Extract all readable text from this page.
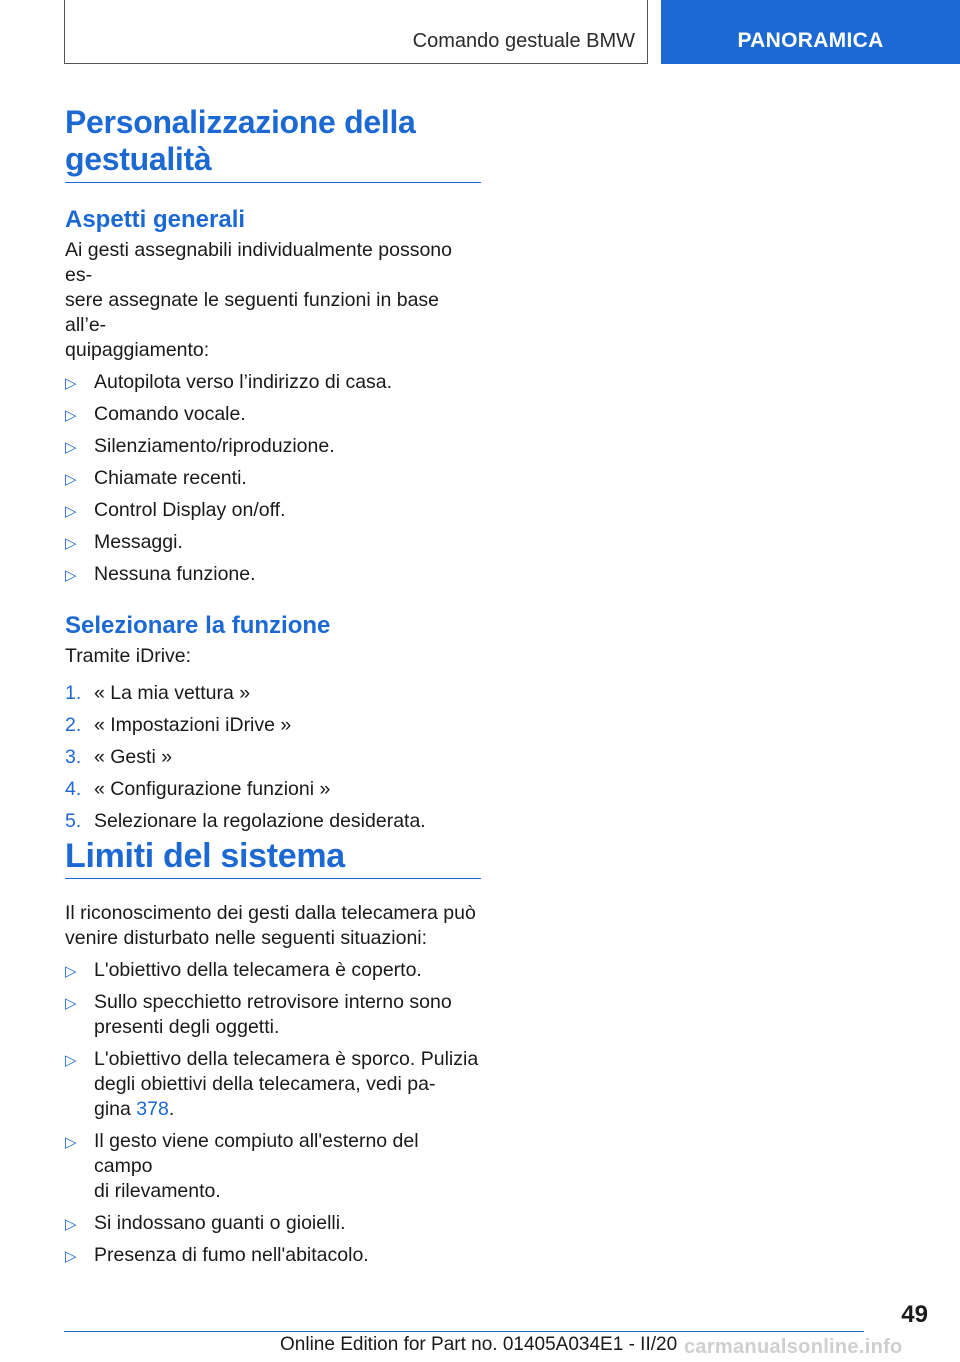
Comando gestuale BMW	PANORAMICA
Personalizzazione della
gestualità
Aspetti generali

Ai gesti assegnabili individualmente possono es-
sere assegnate le seguenti funzioni in base all’e-
quipaggiamento:

▷ Autopilota verso l’indirizzo di casa.
▷ Comando vocale.
▷ Silenziamento/riproduzione.
▷ Chiamate recenti.
▷ Control Display on/off.
▷ Messaggi.
▷ Nessuna funzione.
Selezionare la funzione

Tramite iDrive:

1. « La mia vettura »
2. « Impostazioni iDrive »
3. « Gesti »
4. « Configurazione funzioni »
5. Selezionare la regolazione desiderata.
Limiti del sistema

Il riconoscimento dei gesti dalla telecamera può
venire disturbato nelle seguenti situazioni:

▷ L'obiettivo della telecamera è coperto.
▷ Sullo specchietto retrovisore interno sono
presenti degli oggetti.
▷ L'obiettivo della telecamera è sporco. Pulizia
degli obiettivi della telecamera, vedi pa-
gina 378.
▷ Il gesto viene compiuto all'esterno del campo
di rilevamento.
▷ Si indossano guanti o gioielli.
▷ Presenza di fumo nell'abitacolo.
49
Online Edition for Part no. 01405A034E1 - II/20 carmanualsonline.info
